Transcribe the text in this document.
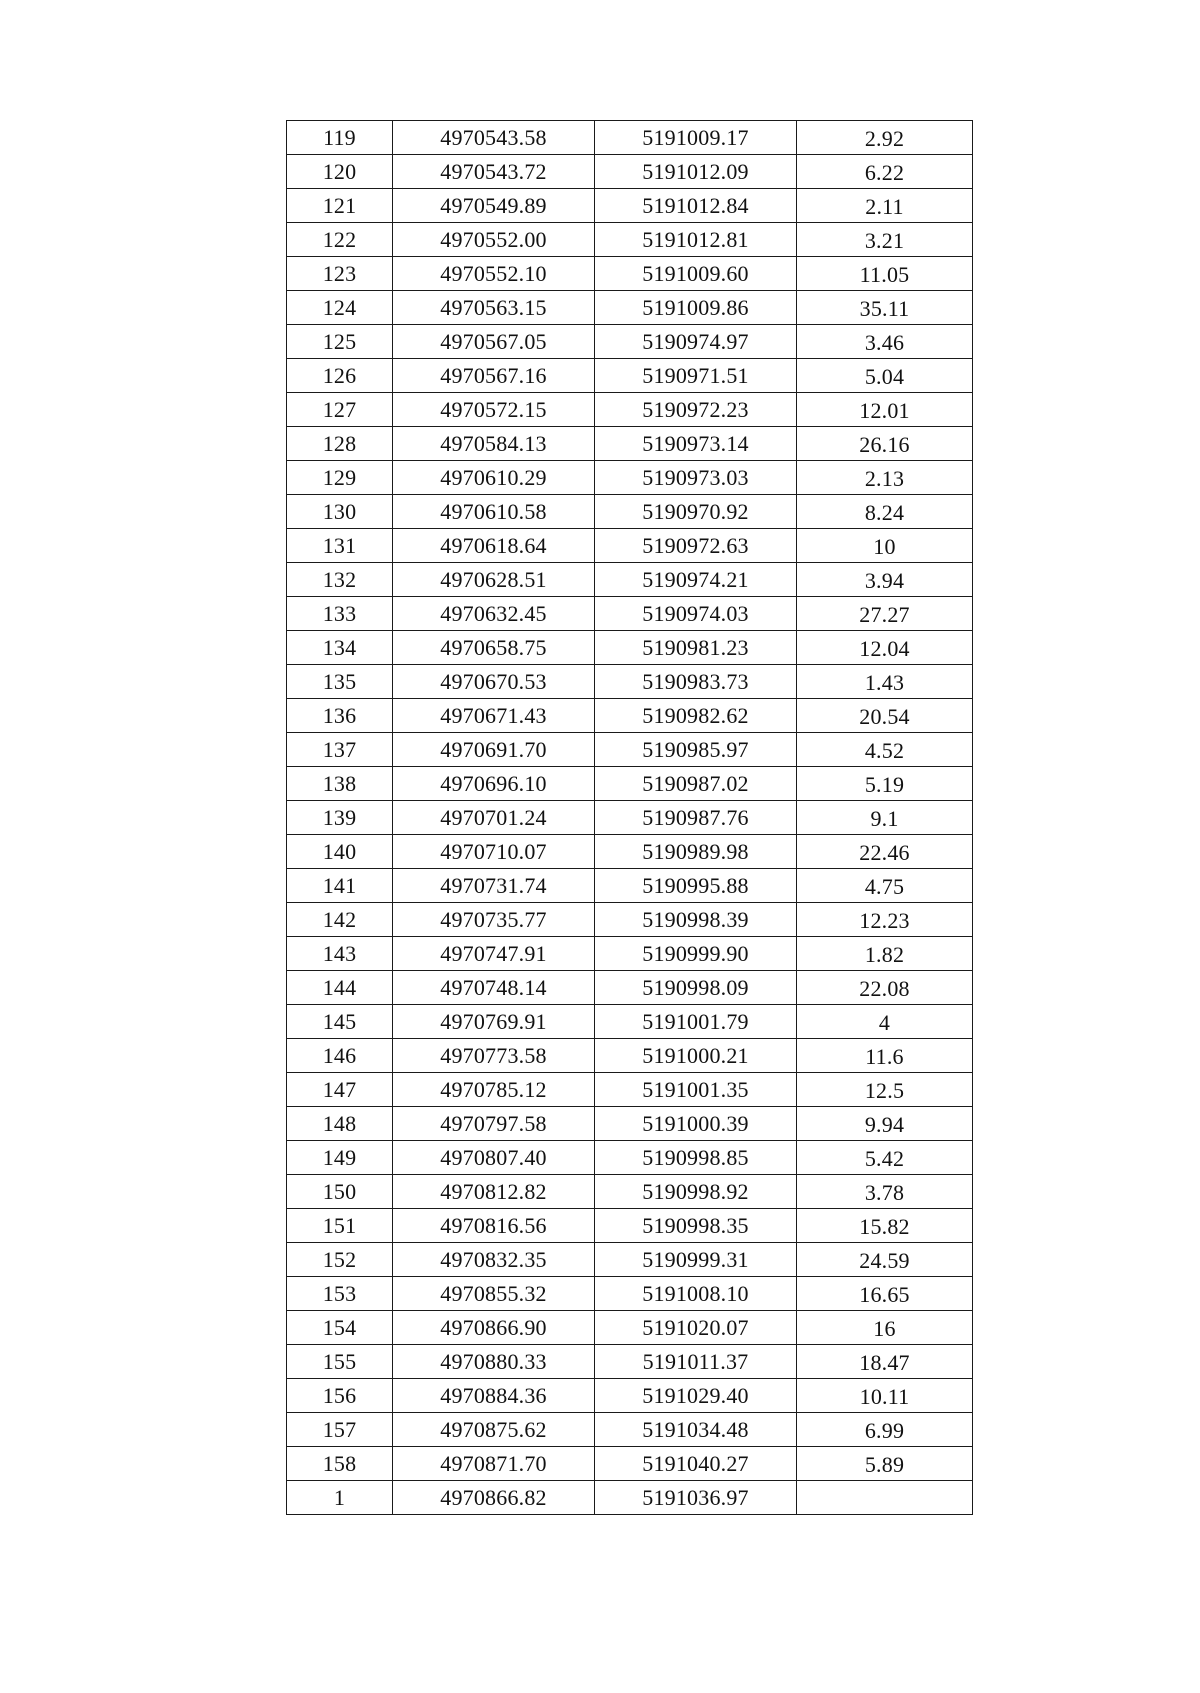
119	4970543.58	5191009.17	2.92
120	4970543.72	5191012.09	6.22
121	4970549.89	5191012.84	2.11
122	4970552.00	5191012.81	3.21
123	4970552.10	5191009.60	11.05
124	4970563.15	5191009.86	35.11
125	4970567.05	5190974.97	3.46
126	4970567.16	5190971.51	5.04
127	4970572.15	5190972.23	12.01
128	4970584.13	5190973.14	26.16
129	4970610.29	5190973.03	2.13
130	4970610.58	5190970.92	8.24
131	4970618.64	5190972.63	10
132	4970628.51	5190974.21	3.94
133	4970632.45	5190974.03	27.27
134	4970658.75	5190981.23	12.04
135	4970670.53	5190983.73	1.43
136	4970671.43	5190982.62	20.54
137	4970691.70	5190985.97	4.52
138	4970696.10	5190987.02	5.19
139	4970701.24	5190987.76	9.1
140	4970710.07	5190989.98	22.46
141	4970731.74	5190995.88	4.75
142	4970735.77	5190998.39	12.23
143	4970747.91	5190999.90	1.82
144	4970748.14	5190998.09	22.08
145	4970769.91	5191001.79	4
146	4970773.58	5191000.21	11.6
147	4970785.12	5191001.35	12.5
148	4970797.58	5191000.39	9.94
149	4970807.40	5190998.85	5.42
150	4970812.82	5190998.92	3.78
151	4970816.56	5190998.35	15.82
152	4970832.35	5190999.31	24.59
153	4970855.32	5191008.10	16.65
154	4970866.90	5191020.07	16
155	4970880.33	5191011.37	18.47
156	4970884.36	5191029.40	10.11
157	4970875.62	5191034.48	6.99
158	4970871.70	5191040.27	5.89
1	4970866.82	5191036.97	
